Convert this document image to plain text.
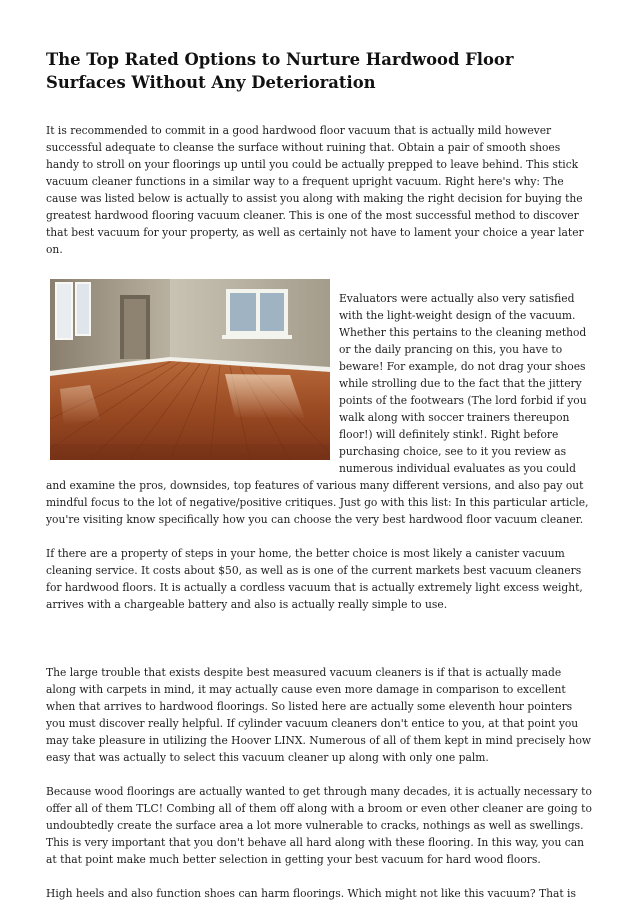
The Top Rated Options to Nurture Hardwood Floor Surfaces Without Any Deterioration

It is recommended to commit in a good hardwood floor vacuum that is actually mild however successful adequate to cleanse the surface without ruining that. Obtain a pair of smooth shoes handy to stroll on your floorings up until you could be actually prepped to leave behind. This stick vacuum cleaner functions in a similar way to a frequent upright vacuum. Right here's why: The cause was listed below is actually to assist you along with making the right decision for buying the greatest hardwood flooring vacuum cleaner. This is one of the most successful method to discover that best vacuum for your property, as well as certainly not have to lament your choice a year later on.

Evaluators were actually also very satisfied with the light-weight design of the vacuum. Whether this pertains to the cleaning method or the daily prancing on this, you have to beware! For example, do not drag your shoes while strolling due to the fact that the jittery points of the footwears (The lord forbid if you walk along with soccer trainers thereupon floor!) will definitely stink!. Right before purchasing choice, see to it you review as numerous individual evaluates as you could and examine the pros, downsides, top features of various many different versions, and also pay out mindful focus to the lot of negative/positive critiques. Just go with this list: In this particular article, you're visiting know specifically how you can choose the very best hardwood floor vacuum cleaner.

If there are a property of steps in your home, the better choice is most likely a canister vacuum cleaning service. It costs about $50, as well as is one of the current markets best vacuum cleaners for hardwood floors. It is actually a cordless vacuum that is actually extremely light excess weight, arrives with a chargeable battery and also is actually really simple to use.

The large trouble that exists despite best measured vacuum cleaners is if that is actually made along with carpets in mind, it may actually cause even more damage in comparison to excellent when that arrives to hardwood floorings. So listed here are actually some eleventh hour pointers you must discover really helpful. If cylinder vacuum cleaners don't entice to you, at that point you may take pleasure in utilizing the Hoover LINX. Numerous of all of them kept in mind precisely how easy that was actually to select this vacuum cleaner up along with only one palm.

Because wood floorings are actually wanted to get through many decades, it is actually necessary to offer all of them TLC! Combing all of them off along with a broom or even other cleaner are going to undoubtedly create the surface area a lot more vulnerable to cracks, nothings as well as swellings. This is very important that you don't behave all hard along with these flooring. In this way, you can at that point make much better selection in getting your best vacuum for hard wood floors.

High heels and also function shoes can harm floorings. Which might not like this vacuum? That is
